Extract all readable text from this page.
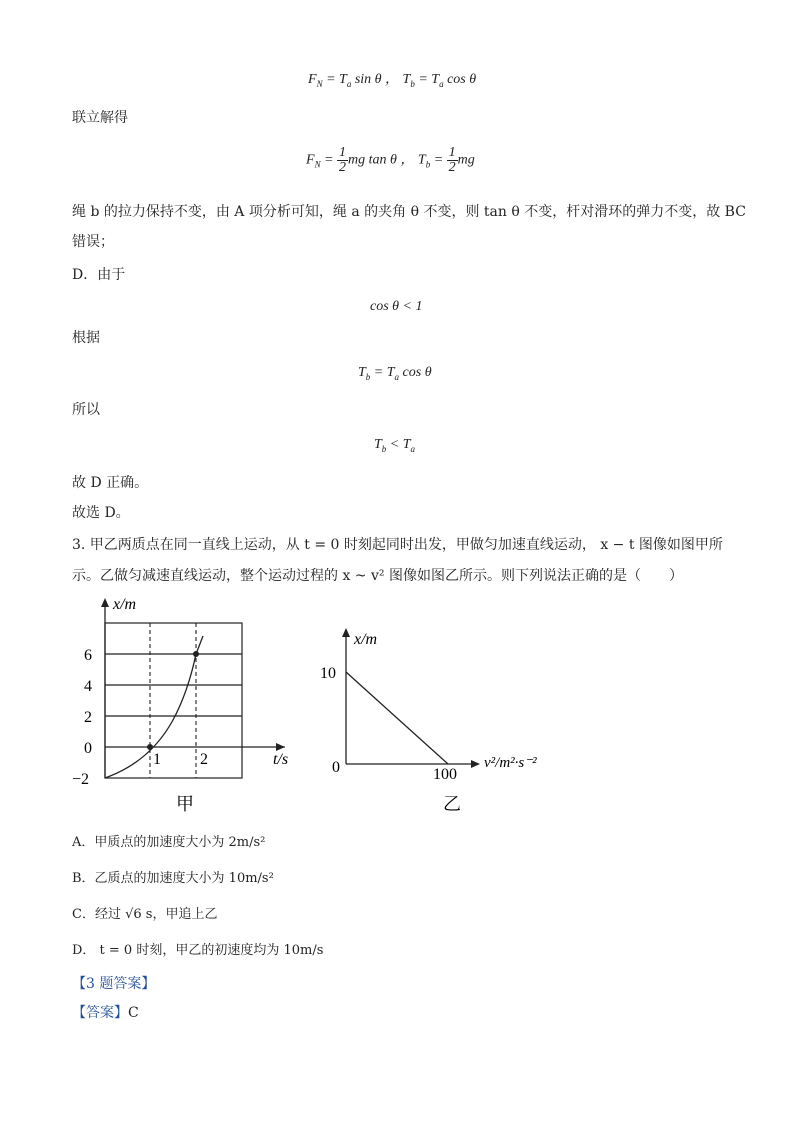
$F_N = T_a$ sin θ ， $T_b = T_a$ cos θ
联立解得
$F_N = \frac{1}{2}$ mg tan θ ， $T_b = \frac{1}{2}$ mg
绳 b 的拉力保持不变，由 A 项分析可知，绳 a 的夹角 θ 不变，则 tan θ 不变，杆对滑环的弹力不变，故 BC
错误；
D．由于
cos θ < 1
根据
$T_b = T_a$ cos θ
所以
$T_b < T_a$
故 D 正确。
故选 D。
3. 甲乙两质点在同一直线上运动，从 t = 0 时刻起同时出发，甲做匀加速直线运动， x − t 图像如图甲所
示。乙做匀减速直线运动，整个运动过程的 x ~ v² 图像如图乙所示。则下列说法正确的是（　　）
x/m
6
4
2
0
−2
1 2	t/s
甲
x/m
10
0	100
v²/m²·s⁻²
乙
A．甲质点的加速度大小为 2m/s²
B．乙质点的加速度大小为 10m/s²
C．经过 √6 s，甲追上乙
D． t = 0 时刻，甲乙的初速度均为 10m/s
【3 题答案】
【答案】C
